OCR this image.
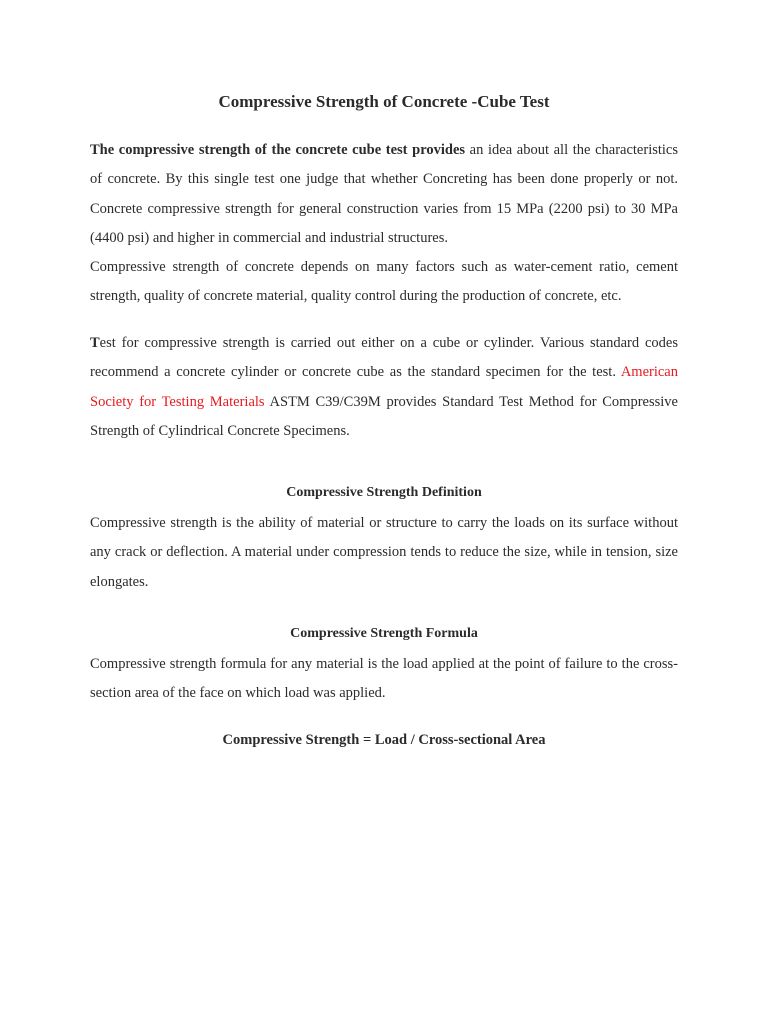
Compressive Strength of Concrete -Cube Test

The compressive strength of the concrete cube test provides an idea about all the characteristics of concrete. By this single test one judge that whether Concreting has been done properly or not. Concrete compressive strength for general construction varies from 15 MPa (2200 psi) to 30 MPa (4400 psi) and higher in commercial and industrial structures.

Compressive strength of concrete depends on many factors such as water-cement ratio, cement strength, quality of concrete material, quality control during the production of concrete, etc.

Test for compressive strength is carried out either on a cube or cylinder. Various standard codes recommend a concrete cylinder or concrete cube as the standard specimen for the test. American Society for Testing Materials ASTM C39/C39M provides Standard Test Method for Compressive Strength of Cylindrical Concrete Specimens.

Compressive Strength Definition

Compressive strength is the ability of material or structure to carry the loads on its surface without any crack or deflection. A material under compression tends to reduce the size, while in tension, size elongates.

Compressive Strength Formula

Compressive strength formula for any material is the load applied at the point of failure to the cross-section area of the face on which load was applied.

Compressive Strength = Load / Cross-sectional Area
